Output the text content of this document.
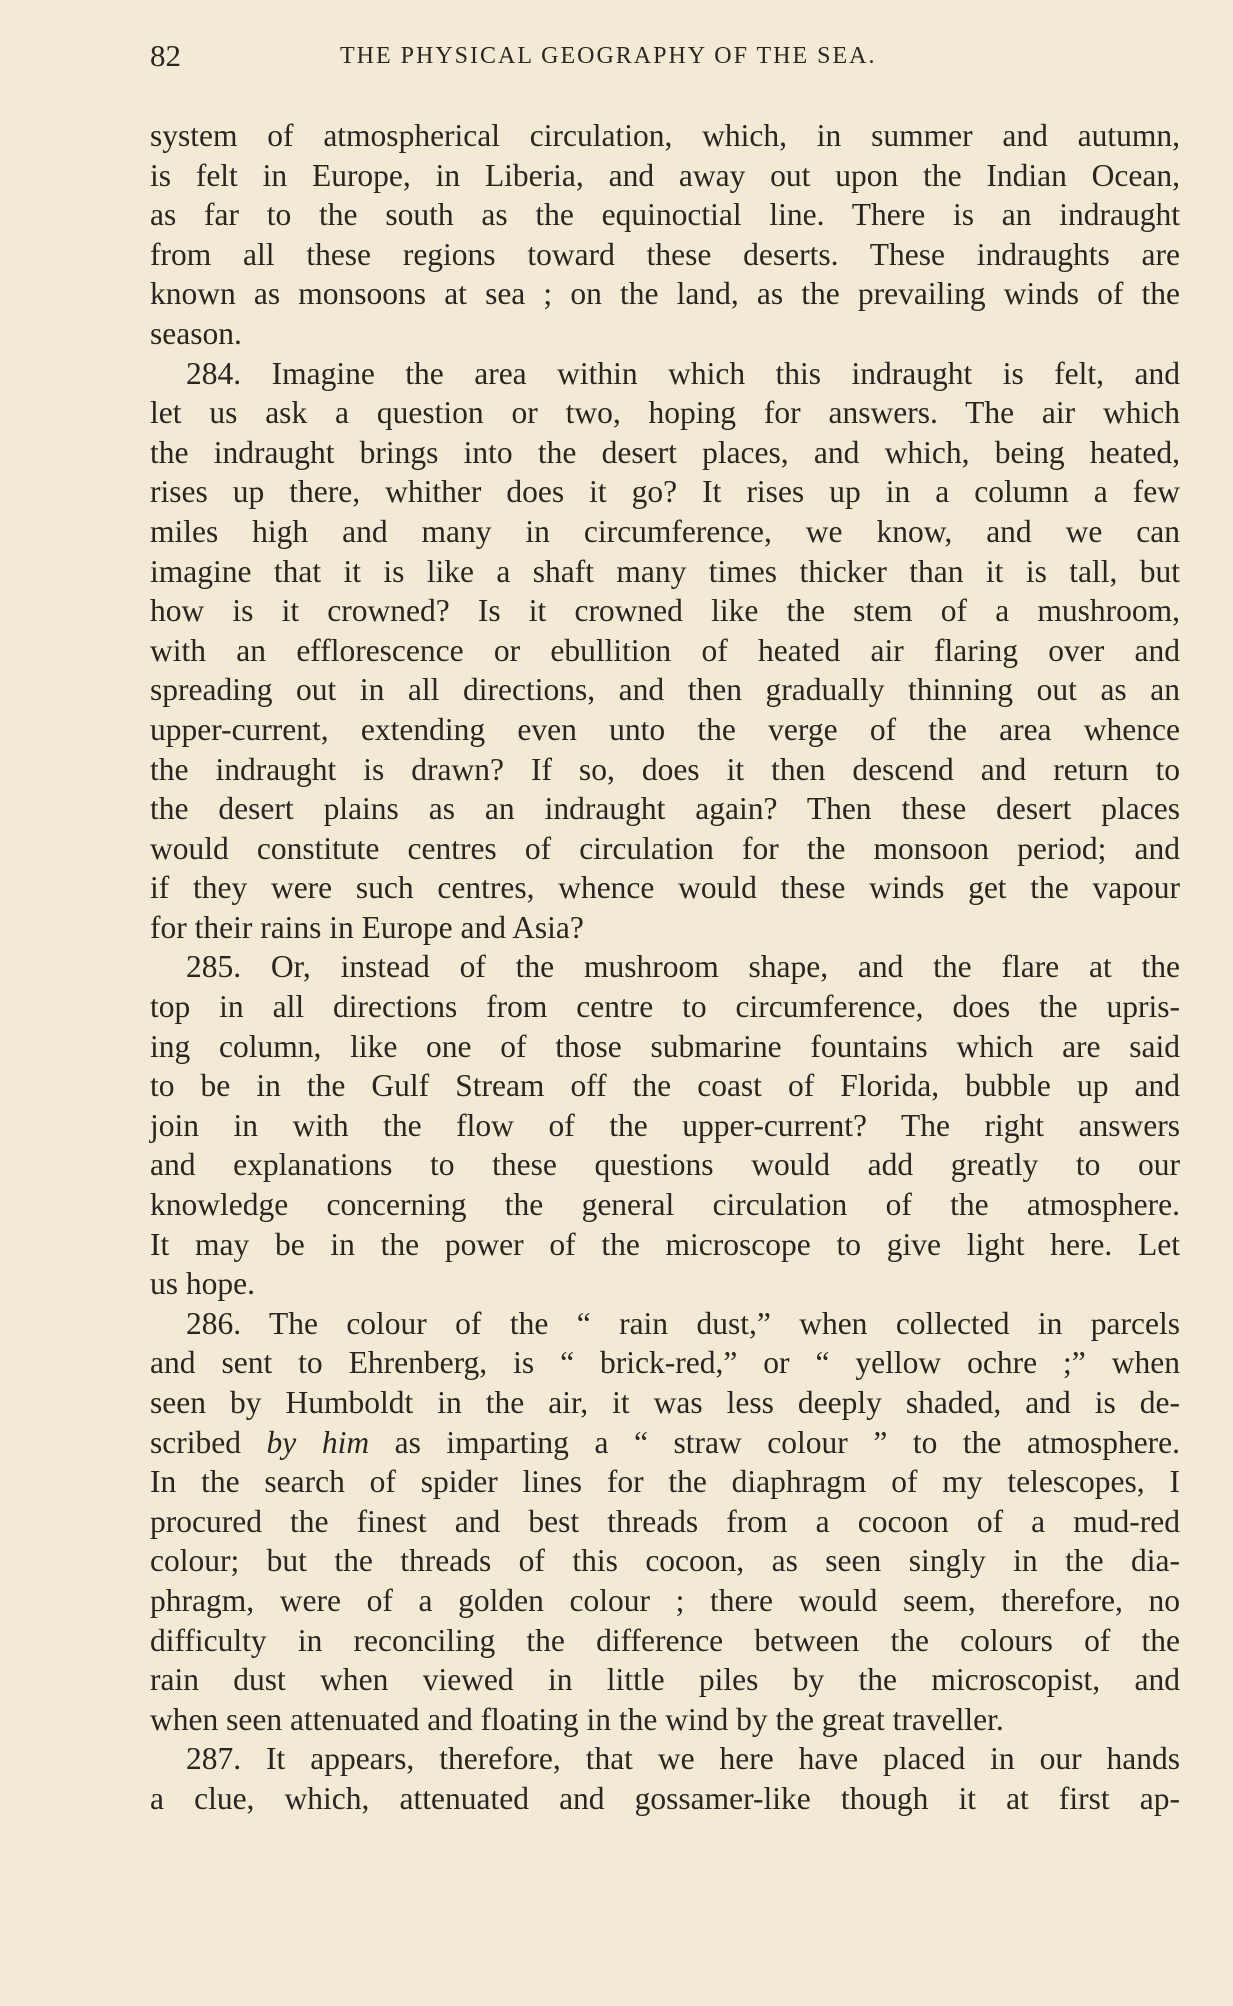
82	THE PHYSICAL GEOGRAPHY OF THE SEA.
system of atmospherical circulation, which, in summer and autumn,
is felt in Europe, in Liberia, and away out upon the Indian Ocean,
as far to the south as the equinoctial line. There is an indraught
from all these regions toward these deserts. These indraughts are
known as monsoons at sea ; on the land, as the prevailing winds of the
season.
284. Imagine the area within which this indraught is felt, and
let us ask a question or two, hoping for answers. The air which
the indraught brings into the desert places, and which, being heated,
rises up there, whither does it go? It rises up in a column a few
miles high and many in circumference, we know, and we can
imagine that it is like a shaft many times thicker than it is tall, but
how is it crowned? Is it crowned like the stem of a mushroom,
with an efflorescence or ebullition of heated air flaring over and
spreading out in all directions, and then gradually thinning out as an
upper-current, extending even unto the verge of the area whence
the indraught is drawn? If so, does it then descend and return to
the desert plains as an indraught again? Then these desert places
would constitute centres of circulation for the monsoon period; and
if they were such centres, whence would these winds get the vapour
for their rains in Europe and Asia?
285. Or, instead of the mushroom shape, and the flare at the
top in all directions from centre to circumference, does the upris-
ing column, like one of those submarine fountains which are said
to be in the Gulf Stream off the coast of Florida, bubble up and
join in with the flow of the upper-current? The right answers
and explanations to these questions would add greatly to our
knowledge concerning the general circulation of the atmosphere.
It may be in the power of the microscope to give light here. Let
us hope.
286. The colour of the “ rain dust,” when collected in parcels
and sent to Ehrenberg, is “ brick-red,” or “ yellow ochre ;” when
seen by Humboldt in the air, it was less deeply shaded, and is de-
scribed by him as imparting a “ straw colour ” to the atmosphere.
In the search of spider lines for the diaphragm of my telescopes, I
procured the finest and best threads from a cocoon of a mud-red
colour; but the threads of this cocoon, as seen singly in the dia-
phragm, were of a golden colour ; there would seem, therefore, no
difficulty in reconciling the difference between the colours of the
rain dust when viewed in little piles by the microscopist, and
when seen attenuated and floating in the wind by the great traveller.
287. It appears, therefore, that we here have placed in our hands
a clue, which, attenuated and gossamer-like though it at first ap-
